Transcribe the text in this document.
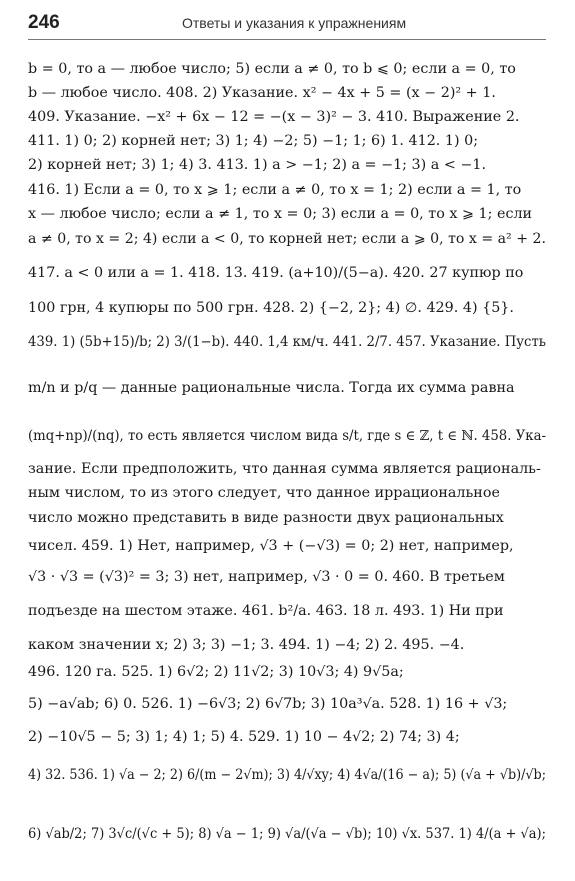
246	Ответы и указания к упражнениям
b = 0, то a — любое число; 5) если a ≠ 0, то b ⩽ 0; если a = 0, то
b — любое число. 408. 2) Указание. x² − 4x + 5 = (x − 2)² + 1.
409. Указание. −x² + 6x − 12 = −(x − 3)² − 3. 410. Выражение 2.
411. 1) 0; 2) корней нет; 3) 1; 4) −2; 5) −1; 1; 6) 1. 412. 1) 0;
2) корней нет; 3) 1; 4) 3. 413. 1) a > −1; 2) a = −1; 3) a < −1.
416. 1) Если a = 0, то x ⩾ 1; если a ≠ 0, то x = 1; 2) если a = 1, то
x — любое число; если a ≠ 1, то x = 0; 3) если a = 0, то x ⩾ 1; если
a ≠ 0, то x = 2; 4) если a < 0, то корней нет; если a ⩾ 0, то x = a² + 2.
417. a < 0 или a = 1. 418. 13. 419. (a+10)/(5−a). 420. 27 купюр по
100 грн, 4 купюры по 500 грн. 428. 2) {−2, 2}; 4) ∅. 429. 4) {5}.
439. 1) (5b+15)/b; 2) 3/(1−b). 440. 1,4 км/ч. 441. 2/7. 457. Указание. Пусть
m/n и p/q — данные рациональные числа. Тогда их сумма равна
(mq+np)/(nq), то есть является числом вида s/t, где s ∈ ℤ, t ∈ ℕ. 458. Ука-
зание. Если предположить, что данная сумма является рациональ-
ным числом, то из этого следует, что данное иррациональное
число можно представить в виде разности двух рациональных
чисел. 459. 1) Нет, например, √3 + (−√3) = 0; 2) нет, например,
√3 · √3 = (√3)² = 3; 3) нет, например, √3 · 0 = 0. 460. В третьем
подъезде на шестом этаже. 461. b²/a. 463. 18 л. 493. 1) Ни при
каком значении x; 2) 3; 3) −1; 3. 494. 1) −4; 2) 2. 495. −4.
496. 120 га. 525. 1) 6√2; 2) 11√2; 3) 10√3; 4) 9√5a;
5) −a√ab; 6) 0. 526. 1) −6√3; 2) 6√7b; 3) 10a³√a. 528. 1) 16 + √3;
2) −10√5 − 5; 3) 1; 4) 1; 5) 4. 529. 1) 10 − 4√2; 2) 74; 3) 4;
4) 32. 536. 1) √a − 2; 2) 6/(m − 2√m); 3) 4/√xy; 4) 4√a/(16 − a); 5) (√a + √b)/√b;
6) √ab/2; 7) 3√c/(√c + 5); 8) √a − 1; 9) √a/(√a − √b); 10) √x. 537. 1) 4/(a + √a);
